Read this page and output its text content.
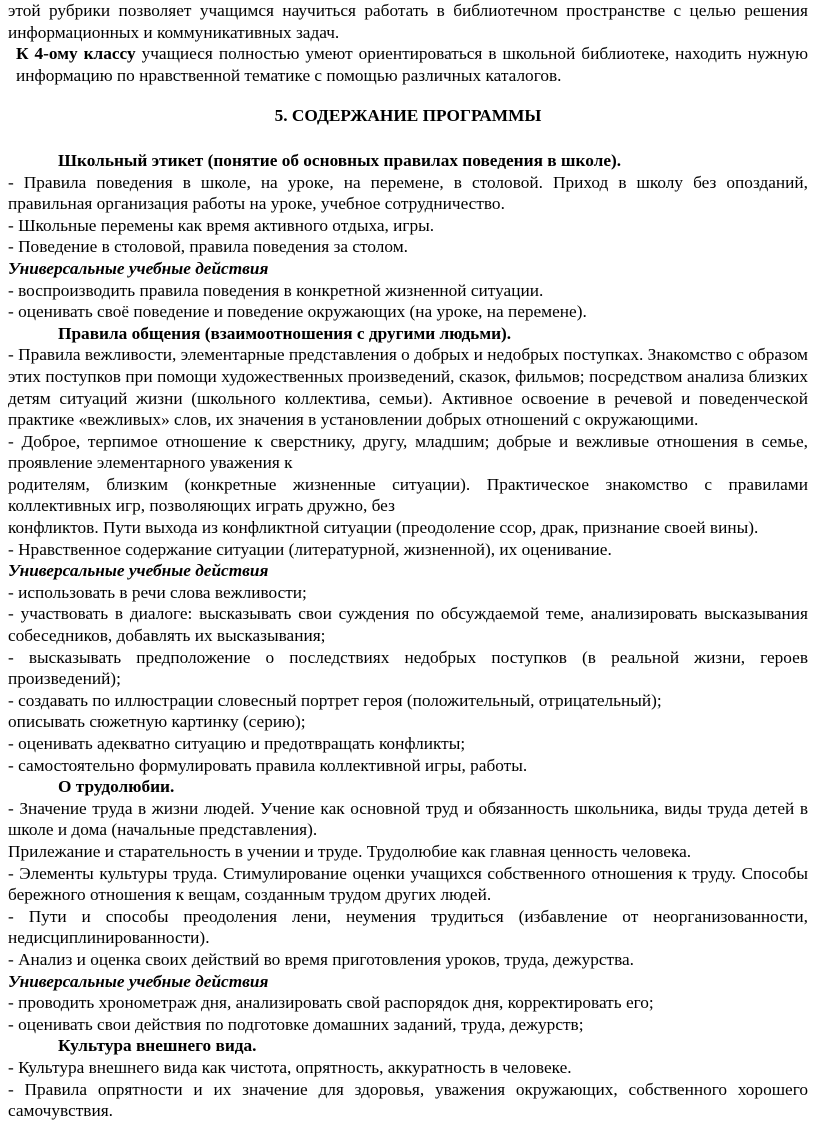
этой рубрики позволяет учащимся научиться работать в библиотечном пространстве с целью решения информационных и коммуникативных задач.

К 4-ому классу учащиеся полностью умеют ориентироваться в школьной библиотеке, находить нужную информацию по нравственной тематике с помощью различных каталогов.

5. СОДЕРЖАНИЕ ПРОГРАММЫ

Школьный этикет (понятие об основных правилах поведения в школе).

- Правила поведения в школе, на уроке, на перемене, в столовой. Приход в школу без опозданий, правильная организация работы на уроке, учебное сотрудничество.

- Школьные перемены как время активного отдыха, игры.

- Поведение в столовой, правила поведения за столом.

Универсальные учебные действия

- воспроизводить правила поведения в конкретной жизненной ситуации.

- оценивать своё поведение и поведение окружающих (на уроке, на перемене).

Правила общения (взаимоотношения с другими людьми).

- Правила вежливости, элементарные представления о добрых и недобрых поступках. Знакомство с образом этих поступков при помощи художественных произведений, сказок, фильмов; посредством анализа близких детям ситуаций жизни (школьного коллектива, семьи). Активное освоение в речевой и поведенческой практике «вежливых» слов, их значения в установлении добрых отношений с окружающими.

- Доброе, терпимое отношение к сверстнику, другу, младшим; добрые и вежливые отношения в семье, проявление элементарного уважения к

родителям, близким (конкретные жизненные ситуации). Практическое знакомство с правилами коллективных игр, позволяющих играть дружно, без

конфликтов. Пути выхода из конфликтной ситуации (преодоление ссор, драк, признание своей вины).

- Нравственное содержание ситуации (литературной, жизненной), их оценивание.

Универсальные учебные действия

- использовать в речи слова вежливости;

- участвовать в диалоге: высказывать свои суждения по обсуждаемой теме, анализировать высказывания собеседников, добавлять их высказывания;

- высказывать предположение о последствиях недобрых поступков (в реальной жизни, героев произведений);

- создавать по иллюстрации словесный портрет героя (положительный, отрицательный);

описывать сюжетную картинку (серию);

- оценивать адекватно ситуацию и предотвращать конфликты;

- самостоятельно формулировать правила коллективной игры, работы.

О трудолюбии.

- Значение труда в жизни людей. Учение как основной труд и обязанность школьника, виды труда детей в школе и дома (начальные представления).

Прилежание и старательность в учении и труде. Трудолюбие как главная ценность человека.

- Элементы культуры труда. Стимулирование оценки учащихся собственного отношения к труду. Способы бережного отношения к вещам, созданным трудом других людей.

- Пути и способы преодоления лени, неумения трудиться (избавление от неорганизованности, недисциплинированности).

- Анализ и оценка своих действий во время приготовления уроков, труда, дежурства.

Универсальные учебные действия

- проводить хронометраж дня, анализировать свой распорядок дня, корректировать его;

- оценивать свои действия по подготовке домашних заданий, труда, дежурств;

Культура внешнего вида.

- Культура внешнего вида как чистота, опрятность, аккуратность в человеке.

- Правила опрятности и их значение для здоровья, уважения окружающих, собственного хорошего самочувствия.
